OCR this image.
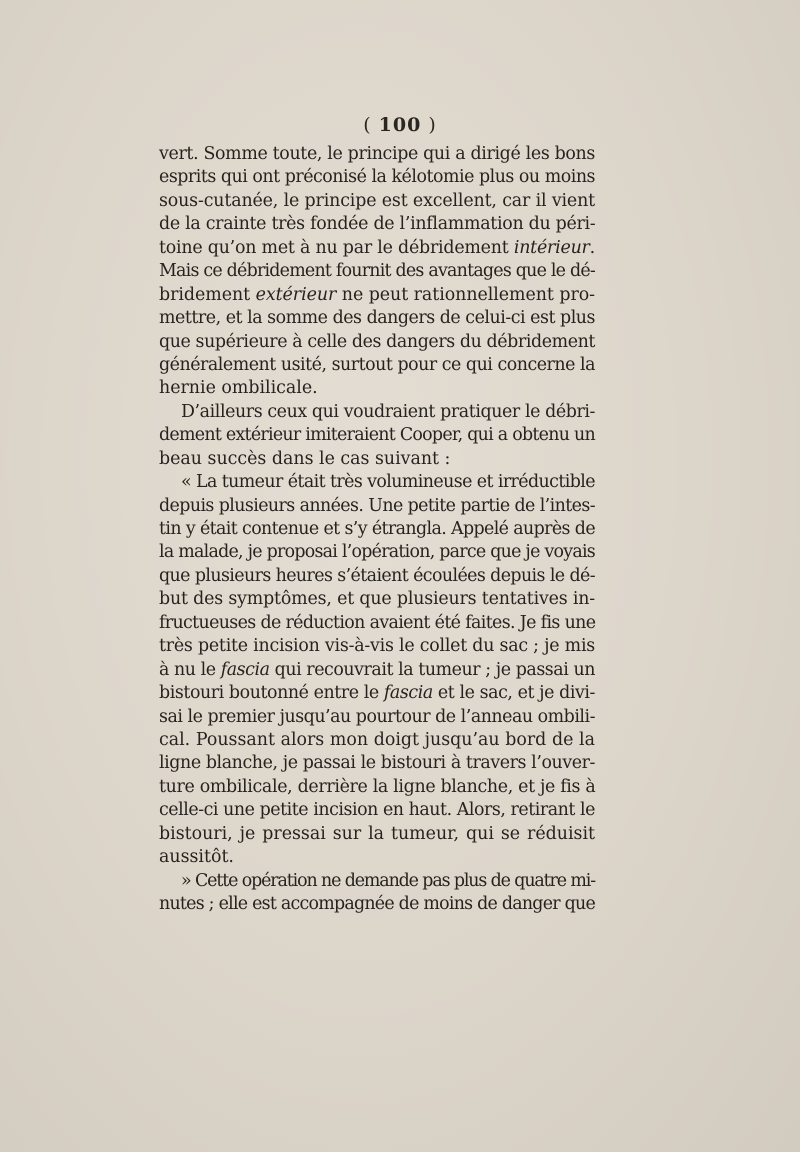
( 100 )
vert. Somme toute, le principe qui a dirigé les bons
esprits qui ont préconisé la kélotomie plus ou moins
sous-cutanée, le principe est excellent, car il vient
de la crainte très fondée de l’inflammation du péri-
toine qu’on met à nu par le débridement intérieur.
Mais ce débridement fournit des avantages que le dé-
bridement extérieur ne peut rationnellement pro-
mettre, et la somme des dangers de celui-ci est plus
que supérieure à celle des dangers du débridement
généralement usité, surtout pour ce qui concerne la
hernie ombilicale.
D’ailleurs ceux qui voudraient pratiquer le débri-
dement extérieur imiteraient Cooper, qui a obtenu un
beau succès dans le cas suivant :
« La tumeur était très volumineuse et irréductible
depuis plusieurs années. Une petite partie de l’intes-
tin y était contenue et s’y étrangla. Appelé auprès de
la malade, je proposai l’opération, parce que je voyais
que plusieurs heures s’étaient écoulées depuis le dé-
but des symptômes, et que plusieurs tentatives in-
fructueuses de réduction avaient été faites. Je fis une
très petite incision vis-à-vis le collet du sac ; je mis
à nu le fascia qui recouvrait la tumeur ; je passai un
bistouri boutonné entre le fascia et le sac, et je divi-
sai le premier jusqu’au pourtour de l’anneau ombili-
cal. Poussant alors mon doigt jusqu’au bord de la
ligne blanche, je passai le bistouri à travers l’ouver-
ture ombilicale, derrière la ligne blanche, et je fis à
celle-ci une petite incision en haut. Alors, retirant le
bistouri, je pressai sur la tumeur, qui se réduisit
aussitôt.
» Cette opération ne demande pas plus de quatre mi-
nutes ; elle est accompagnée de moins de danger que
